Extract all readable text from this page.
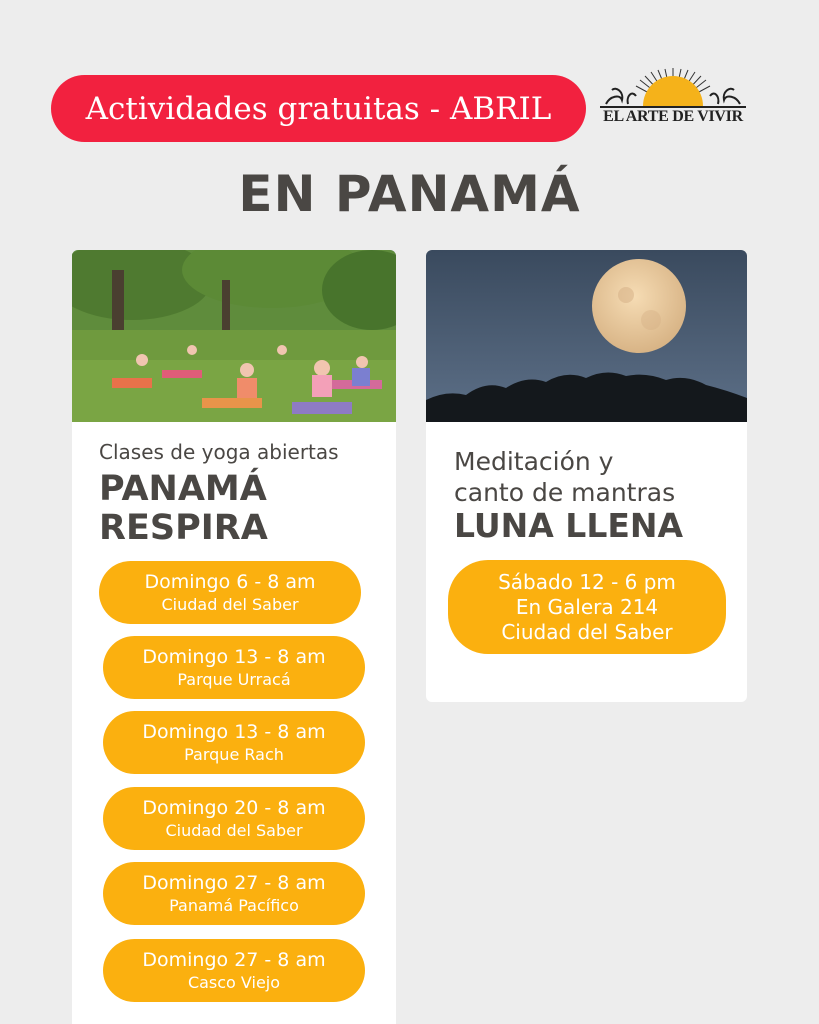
Actividades gratuitas - ABRIL	EL ARTE DE VIVIR
EN PANAMÁ
Clases de yoga abiertas
PANAMÁ
RESPIRA
Domingo 6 - 8 am
Ciudad del Saber
Domingo 13 - 8 am
Parque Urracá
Domingo 13 - 8 am
Parque Rach
Domingo 20 - 8 am
Ciudad del Saber
Domingo 27 - 8 am
Panamá Pacífico
Domingo 27 - 8 am
Casco Viejo
Meditación y
canto de mantras
LUNA LLENA
Sábado 12 - 6 pm
En Galera 214
Ciudad del Saber
